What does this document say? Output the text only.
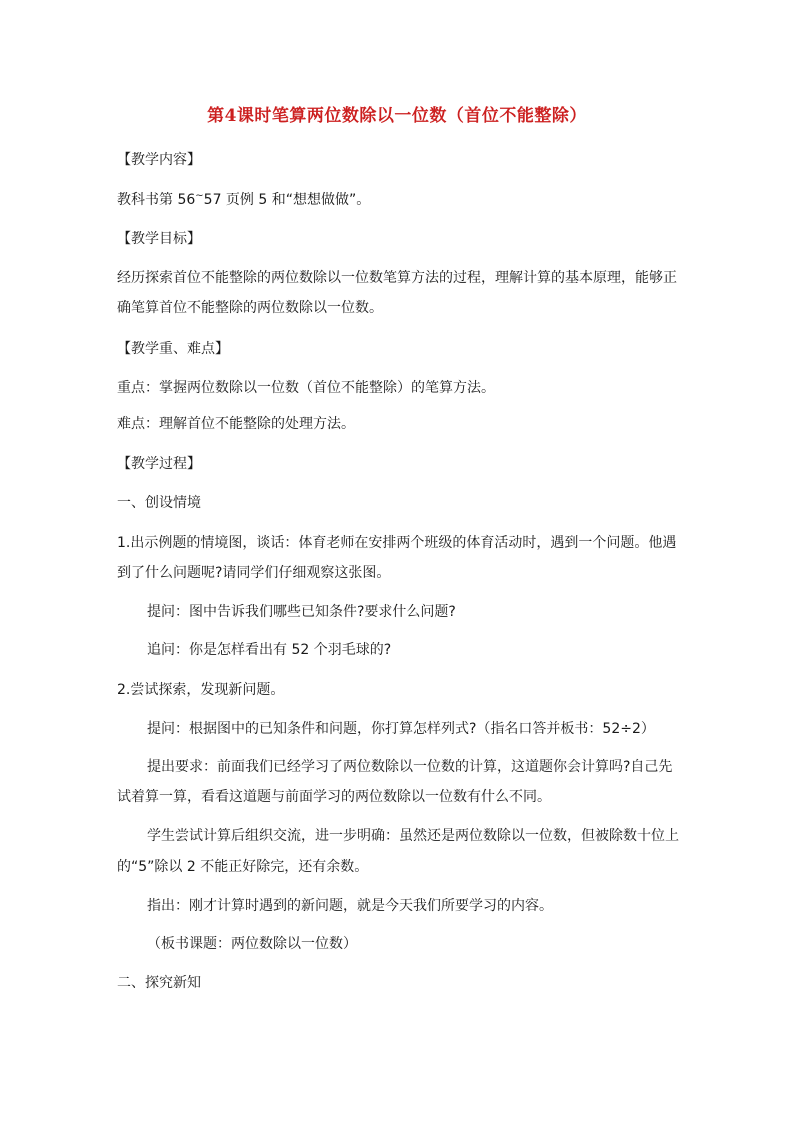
第4课时笔算两位数除以一位数（首位不能整除）
【教学内容】
教科书第 56~57 页例 5 和“想想做做”。
【教学目标】
经历探索首位不能整除的两位数除以一位数笔算方法的过程，理解计算的基本原理，能够正
确笔算首位不能整除的两位数除以一位数。
【教学重、难点】
重点：掌握两位数除以一位数（首位不能整除）的笔算方法。
难点：理解首位不能整除的处理方法。
【教学过程】
一、创设情境
1.出示例题的情境图，谈话：体育老师在安排两个班级的体育活动时，遇到一个问题。他遇
到了什么问题呢?请同学们仔细观察这张图。
提问：图中告诉我们哪些已知条件?要求什么问题?
追问：你是怎样看出有 52 个羽毛球的?
2.尝试探索，发现新问题。
提问：根据图中的已知条件和问题，你打算怎样列式?（指名口答并板书：52÷2）
提出要求：前面我们已经学习了两位数除以一位数的计算，这道题你会计算吗?自己先
试着算一算，看看这道题与前面学习的两位数除以一位数有什么不同。
学生尝试计算后组织交流，进一步明确：虽然还是两位数除以一位数，但被除数十位上
的“5”除以 2 不能正好除完，还有余数。
指出：刚才计算时遇到的新问题，就是今天我们所要学习的内容。
（板书课题：两位数除以一位数）
二、探究新知
